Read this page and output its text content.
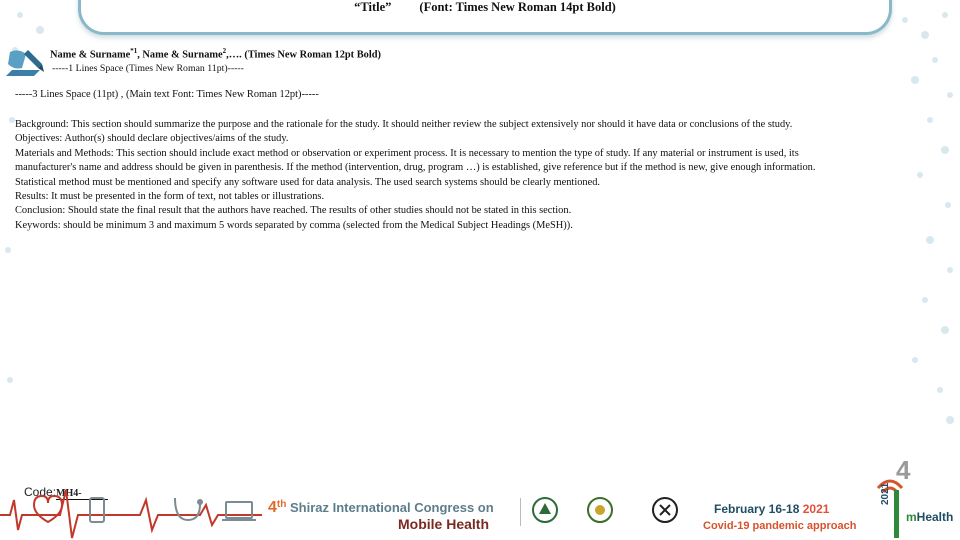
“Title” (Font: Times New Roman 14pt Bold)
Name & Surname$^{*1}$, Name & Surname$^2$,…. (Times New Roman 12pt Bold)
-----1 Lines Space (Times New Roman 11pt)-----
-----3 Lines Space (11pt) , (Main text Font: Times New Roman 12pt)-----

Background: This section should summarize the purpose and the rationale for the study. It should neither review the subject extensively nor should it have data or conclusions of the study.

Objectives: Author(s) should declare objectives/aims of the study.

Materials and Methods: This section should include exact method or observation or experiment process. It is necessary to mention the type of study. If any material or instrument is used, its

manufacturer's name and address should be given in parenthesis. If the method (intervention, drug, program …) is established, give reference but if the method is new, give enough information.

Statistical method must be mentioned and specify any software used for data analysis. The used search systems should be clearly mentioned.

Results: It must be presented in the form of text, not tables or illustrations.

Conclusion: Should state the final result that the authors have reached. The results of other studies should not be stated in this section.

Keywords: should be minimum 3 and maximum 5 words separated by comma (selected from the Medical Subject Headings (MeSH)).

Code:MH4-
4th Shiraz International Congress on
Mobile Health
February 16-18 2021
Covid-19 pandemic approach
4
2021
mHealth
